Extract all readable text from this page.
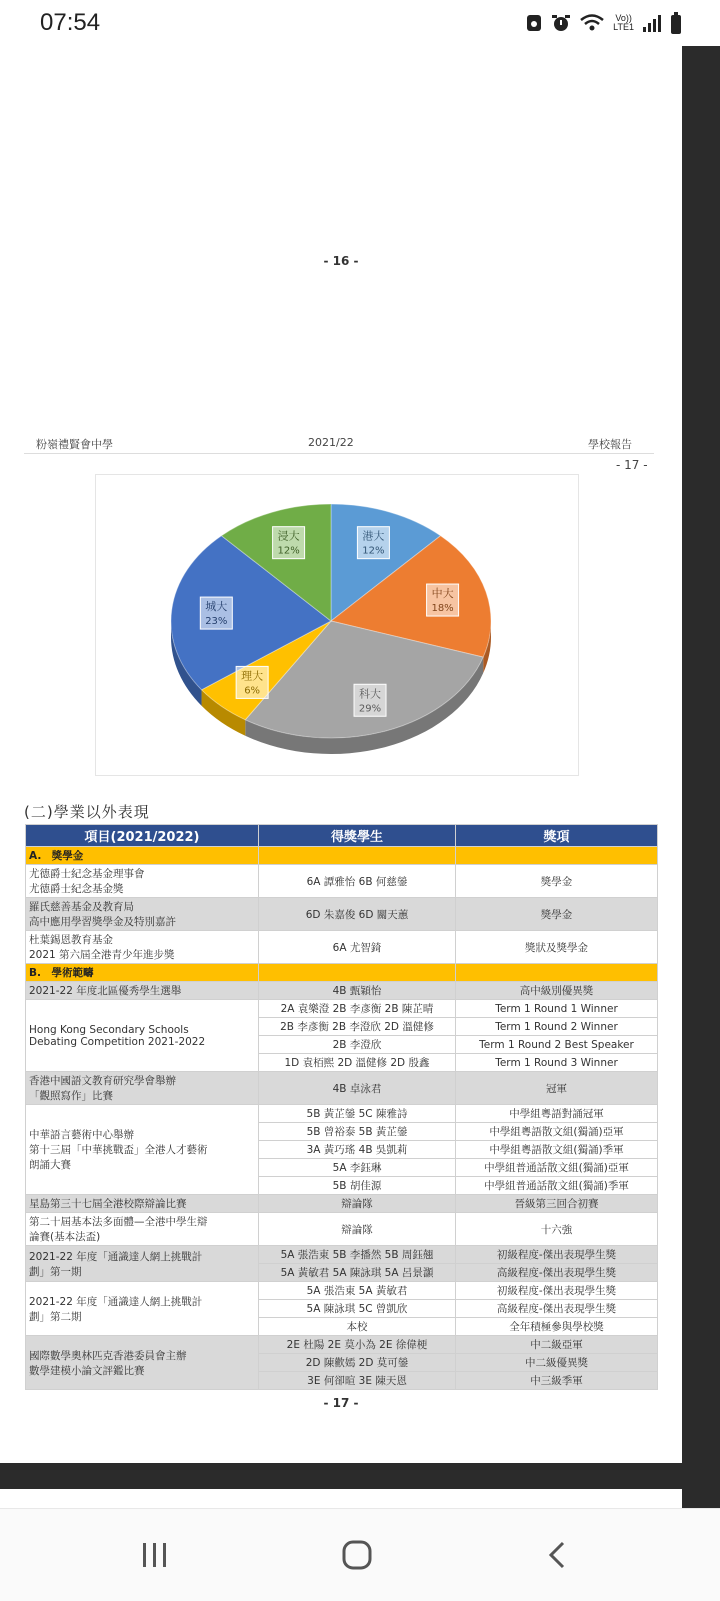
07:54	Vo))
LTE1
- 16 -
粉嶺禮賢會中學	2021/22	學校報告
- 17 -
港大
12%
中大
18%
科大
29%
理大
6%
城大
23%
浸大
12%
(二)學業以外表現
項目(2021/2022)	得獎學生	獎項
A.　獎學金		

尤德爵士紀念基金理事會
尤德爵士紀念基金獎	6A 譚雅怡 6B 何慈鎣	獎學金

羅氏慈善基金及教育局
高中應用學習獎學金及特別嘉許	6D 朱嘉俊 6D 關天蕙	獎學金

杜葉錫恩教育基金
2021 第六屆全港青少年進步獎	6A 尤智錡	獎狀及獎學金
B.　學術範疇		

2021-22 年度北區優秀學生選舉	4B 甄穎怡	高中級別優異獎

Hong Kong Secondary Schools
Debating Competition 2021-2022	2A 袁樂澄 2B 李彥衡 2B 陳芷晴	Term 1 Round 1 Winner
	2B 李彥衡 2B 李澄欣 2D 溫健修	Term 1 Round 2 Winner
	2B 李澄欣	Term 1 Round 2 Best Speaker
	1D 袁栢熙 2D 溫健修 2D 殷鑫	Term 1 Round 3 Winner

香港中國語文教育研究學會舉辦
「觀照寫作」比賽	4B 卓泳君	冠軍

中華語言藝術中心舉辦
第十三屆「中華挑戰盃」全港人才藝術
朗誦大賽	5B 黃芷鎣 5C 陳雅詩	中學組粵語對誦冠軍
	5B 曾裕泰 5B 黃芷鎣	中學組粵語散文組(獨誦)亞軍
	3A 黃巧瑤 4B 吳凱莉	中學組粵語散文組(獨誦)季軍
	5A 李鈺琳	中學組普通話散文組(獨誦)亞軍
	5B 胡佳源	中學組普通話散文組(獨誦)季軍

星島第三十七屆全港校際辯論比賽	辯論隊	晉級第三回合初賽

第二十屆基本法多面體—全港中學生辯
論賽(基本法盃)	辯論隊	十六強

2021-22 年度「通識達人網上挑戰計
劃」第一期	5A 張浩東 5B 李播然 5B 周鈺翹	初級程度-傑出表現學生獎
	5A 黃敏君 5A 陳詠琪 5A 呂景灝	高級程度-傑出表現學生獎

2021-22 年度「通識達人網上挑戰計
劃」第二期	5A 張浩東 5A 黃敏君	初級程度-傑出表現學生獎
	5A 陳詠琪 5C 曾凱欣	高級程度-傑出表現學生獎
	本校	全年積極參與學校獎

國際數學奧林匹克香港委員會主辦
數學建模小論文評鑑比賽	2E 杜陽 2E 莫小為 2E 徐偉梗	中二級亞軍
	2D 陳歡嫣 2D 莫可鎣	中二級優異獎
	3E 何卻暄 3E 陳天恩	中三級季軍
- 17 -
